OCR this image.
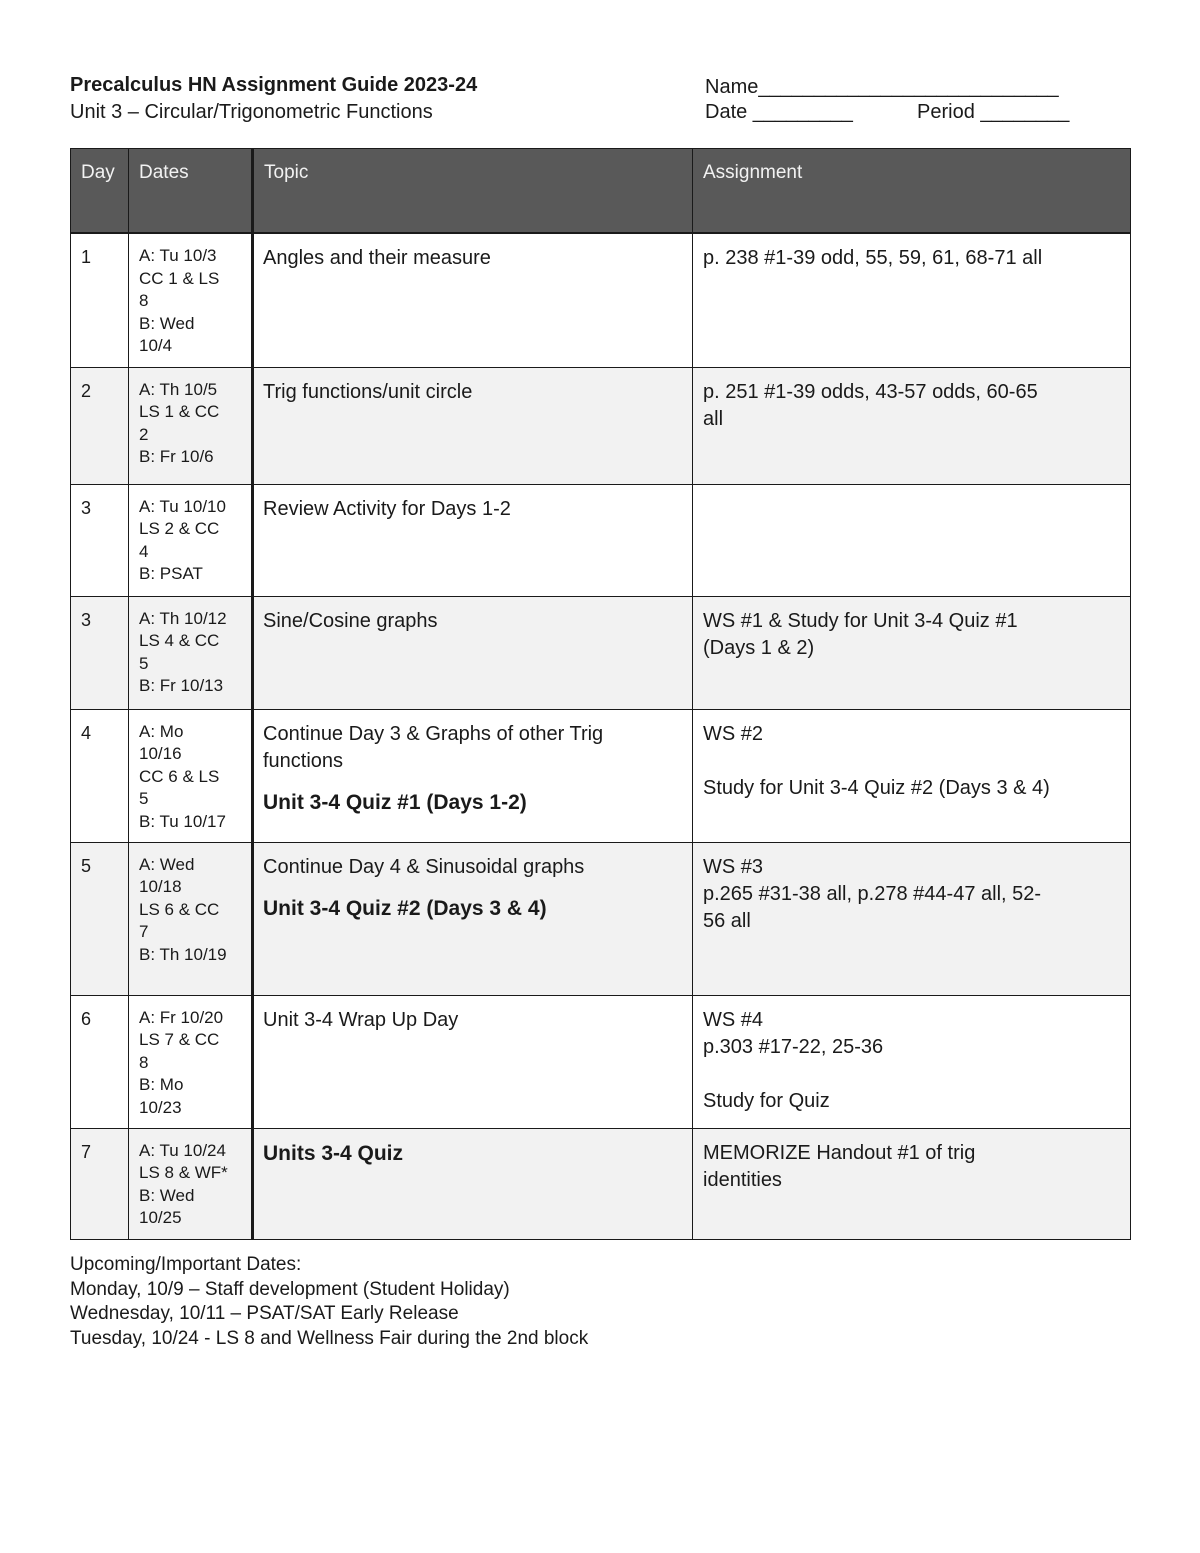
Precalculus HN Assignment Guide 2023-24
Unit 3 – Circular/Trigonometric Functions
Name___________________________
Date _________	Period ________
Day	Dates	Topic	Assignment
1	A: Tu 10/3
CC 1 & LS
8
B: Wed
10/4	Angles and their measure	p. 238 #1-39 odd, 55, 59, 61, 68-71 all

2	A: Th 10/5
LS 1 & CC
2
B: Fr 10/6	Trig functions/unit circle	p. 251 #1-39 odds, 43-57 odds, 60-65
all

3	A: Tu 10/10
LS 2 & CC
4
B: PSAT	Review Activity for Days 1-2	

3	A: Th 10/12
LS 4 & CC
5
B: Fr 10/13	Sine/Cosine graphs	WS #1 & Study for Unit 3-4 Quiz #1
(Days 1 & 2)

4	A: Mo
10/16
CC 6 & LS
5
B: Tu 10/17	Continue Day 3 & Graphs of other Trig
functions
Unit 3-4 Quiz #1 (Days 1-2)	WS #2
Study for Unit 3-4 Quiz #2 (Days 3 & 4)

5	A: Wed
10/18
LS 6 & CC
7
B: Th 10/19	Continue Day 4 & Sinusoidal graphs
Unit 3-4 Quiz #2 (Days 3 & 4)	WS #3
p.265 #31-38 all, p.278 #44-47 all, 52-
56 all

6	A: Fr 10/20
LS 7 & CC
8
B: Mo
10/23	Unit 3-4 Wrap Up Day	WS #4
p.303 #17-22, 25-36
Study for Quiz

7	A: Tu 10/24
LS 8 & WF*
B: Wed
10/25	Units 3-4 Quiz	MEMORIZE Handout #1 of trig
identities
Upcoming/Important Dates:
Monday, 10/9 – Staff development (Student Holiday)
Wednesday, 10/11 – PSAT/SAT Early Release
Tuesday, 10/24 - LS 8 and Wellness Fair during the 2nd block
